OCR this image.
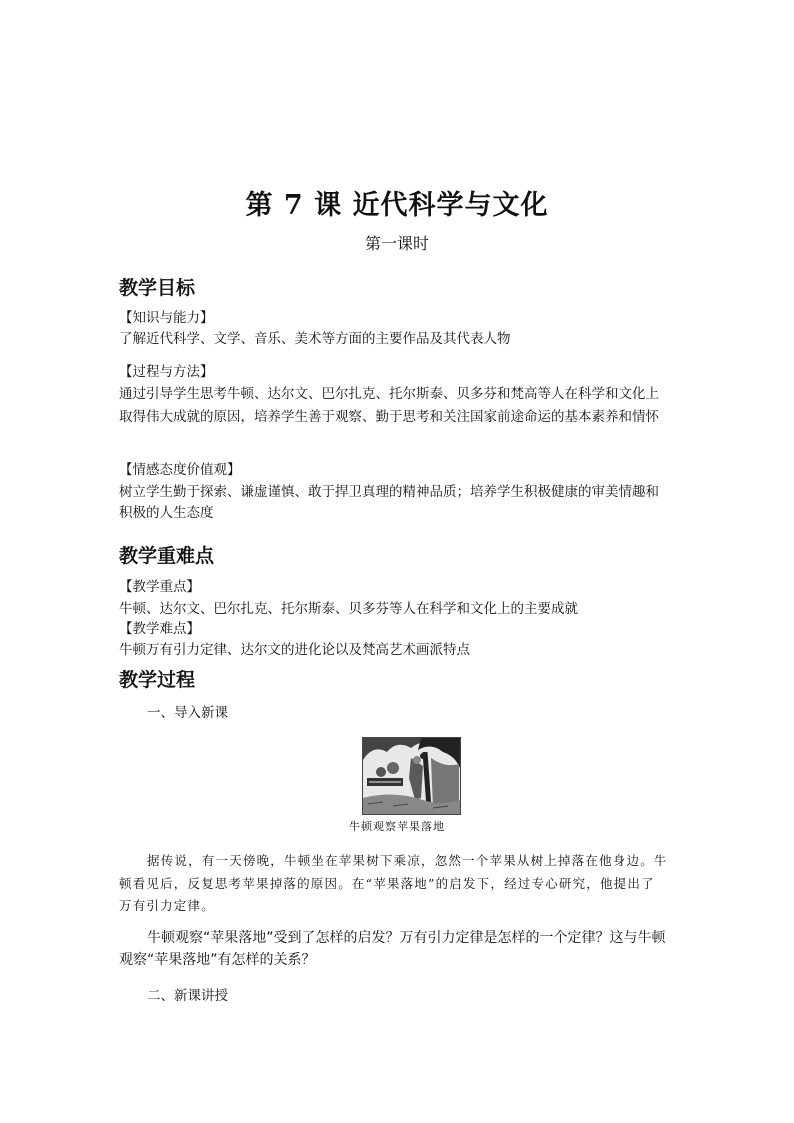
第 7 课 近代科学与文化
第一课时
教学目标
【知识与能力】
了解近代科学、文学、音乐、美术等方面的主要作品及其代表人物
【过程与方法】
通过引导学生思考牛顿、达尔文、巴尔扎克、托尔斯泰、贝多芬和梵高等人在科学和文化上
取得伟大成就的原因，培养学生善于观察、勤于思考和关注国家前途命运的基本素养和情怀
【情感态度价值观】
树立学生勤于探索、谦虚谨慎、敢于捍卫真理的精神品质；培养学生积极健康的审美情趣和
积极的人生态度
教学重难点
【教学重点】
牛顿、达尔文、巴尔扎克、托尔斯泰、贝多芬等人在科学和文化上的主要成就
【教学难点】
牛顿万有引力定律、达尔文的进化论以及梵高艺术画派特点
教学过程
一、导入新课
牛顿观察苹果落地
据传说，有一天傍晚，牛顿坐在苹果树下乘凉，忽然一个苹果从树上掉落在他身边。牛
顿看见后，反复思考苹果掉落的原因。在“苹果落地”的启发下，经过专心研究，他提出了
万有引力定律。
牛顿观察“苹果落地”受到了怎样的启发？万有引力定律是怎样的一个定律？这与牛顿
观察“苹果落地”有怎样的关系？
二、新课讲授
